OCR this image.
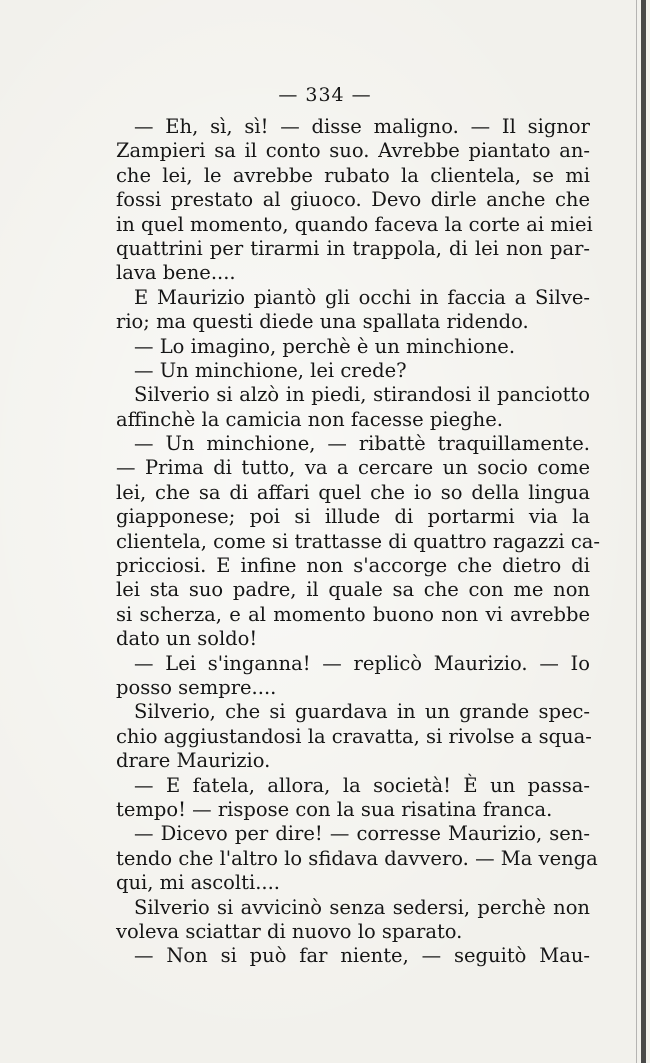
— 334 —
— Eh, sì, sì! — disse maligno. — Il signor
Zampieri sa il conto suo. Avrebbe piantato an-
che lei, le avrebbe rubato la clientela, se mi
fossi prestato al giuoco. Devo dirle anche che
in quel momento, quando faceva la corte ai miei
quattrini per tirarmi in trappola, di lei non par-
lava bene....
E Maurizio piantò gli occhi in faccia a Silve-
rio; ma questi diede una spallata ridendo.
— Lo imagino, perchè è un minchione.
— Un minchione, lei crede?
Silverio si alzò in piedi, stirandosi il panciotto
affinchè la camicia non facesse pieghe.
— Un minchione, — ribattè traquillamente.
— Prima di tutto, va a cercare un socio come
lei, che sa di affari quel che io so della lingua
giapponese; poi si illude di portarmi via la
clientela, come si trattasse di quattro ragazzi ca-
pricciosi. E infine non s'accorge che dietro di
lei sta suo padre, il quale sa che con me non
si scherza, e al momento buono non vi avrebbe
dato un soldo!
— Lei s'inganna! — replicò Maurizio. — Io
posso sempre....
Silverio, che si guardava in un grande spec-
chio aggiustandosi la cravatta, si rivolse a squa-
drare Maurizio.
— E fatela, allora, la società! È un passa-
tempo! — rispose con la sua risatina franca.
— Dicevo per dire! — corresse Maurizio, sen-
tendo che l'altro lo sfidava davvero. — Ma venga
qui, mi ascolti....
Silverio si avvicinò senza sedersi, perchè non
voleva sciattar di nuovo lo sparato.
— Non si può far niente, — seguitò Mau-
